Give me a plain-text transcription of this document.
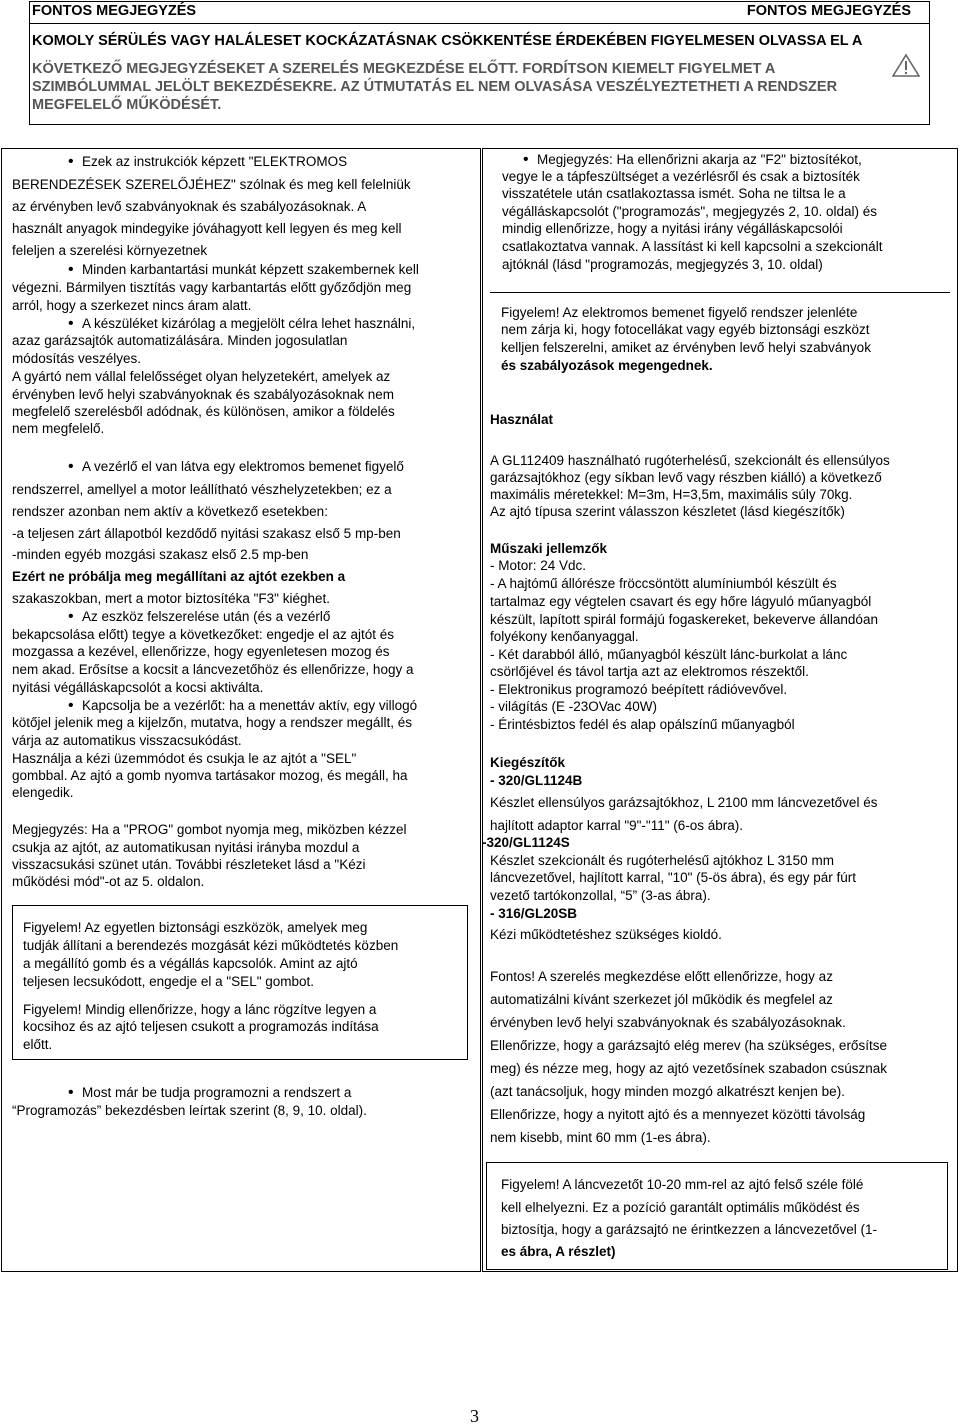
FONTOS MEGJEGYZÉS	FONTOS MEGJEGYZÉS
KOMOLY SÉRÜLÉS VAGY HALÁLESET KOCKÁZATÁSNAK CSÖKKENTÉSE ÉRDEKÉBEN FIGYELMESEN OLVASSA EL A
KÖVETKEZŐ MEGJEGYZÉSEKET A SZERELÉS MEGKEZDÉSE ELŐTT. FORDÍTSON KIEMELT FIGYELMET A
SZIMBÓLUMMAL JELÖLT BEKEZDÉSEKRE. AZ ÚTMUTATÁS EL NEM OLVASÁSA VESZÉLYEZTETHETI A RENDSZER
MEGFELELŐ MŰKÖDÉSÉT.
• Ezek az instrukciók képzett "ELEKTROMOS
BERENDEZÉSEK SZERELŐJÉHEZ" szólnak és meg kell felelniük
az érvényben levő szabványoknak és szabályozásoknak. A
használt anyagok mindegyike jóváhagyott kell legyen és meg kell
feleljen a szerelési környezetnek
• Minden karbantartási munkát képzett szakembernek kell
végezni. Bármilyen tisztítás vagy karbantartás előtt győződjön meg
arról, hogy a szerkezet nincs áram alatt.
• A készüléket kizárólag a megjelölt célra lehet használni,
azaz garázsajtók automatizálására. Minden jogosulatlan
módosítás veszélyes.
A gyártó nem vállal felelősséget olyan helyzetekért, amelyek az
érvényben levő helyi szabványoknak és szabályozásoknak nem
megfelelő szerelésből adódnak, és különösen, amikor a földelés
nem megfelelő.
• A vezérlő el van látva egy elektromos bemenet figyelő
rendszerrel, amellyel a motor leállítható vészhelyzetekben; ez a
rendszer azonban nem aktív a következő esetekben:
-a teljesen zárt állapotból kezdődő nyitási szakasz első 5 mp-ben
-minden egyéb mozgási szakasz első 2.5 mp-ben
Ezért ne próbálja meg megállítani az ajtót ezekben a
szakaszokban, mert a motor biztosítéka "F3" kiéghet.
• Az eszköz felszerelése után (és a vezérlő
bekapcsolása előtt) tegye a következőket: engedje el az ajtót és
mozgassa a kezével, ellenőrizze, hogy egyenletesen mozog és
nem akad. Erősítse a kocsit a láncvezetőhöz és ellenőrizze, hogy a
nyitási végálláskapcsolót a kocsi aktiválta.
• Kapcsolja be a vezérlőt: ha a menettáv aktív, egy villogó
kötőjel jelenik meg a kijelzőn, mutatva, hogy a rendszer megállt, és
várja az automatikus visszacsukódást.
Használja a kézi üzemmódot és csukja le az ajtót a "SEL"
gombbal. Az ajtó a gomb nyomva tartásakor mozog, és megáll, ha
elengedik.
Megjegyzés: Ha a "PROG" gombot nyomja meg, miközben kézzel
csukja az ajtót, az automatikusan nyitási irányba mozdul a
visszacsukási szünet után. További részleteket lásd a "Kézi
működési mód"-ot az 5. oldalon.
Figyelem! Az egyetlen biztonsági eszközök, amelyek meg
tudják állítani a berendezés mozgását kézi működtetés közben
a megállító gomb és a végállás kapcsolók. Amint az ajtó
teljesen lecsukódott, engedje el a "SEL" gombot.
Figyelem! Mindig ellenőrizze, hogy a lánc rögzítve legyen a
kocsihoz és az ajtó teljesen csukott a programozás indítása
előtt.
• Most már be tudja programozni a rendszert a
“Programozás” bekezdésben leírtak szerint (8, 9, 10. oldal).
• Megjegyzés: Ha ellenőrizni akarja az "F2" biztosítékot,
vegye le a tápfeszültséget a vezérlésről és csak a biztosíték
visszatétele után csatlakoztassa ismét. Soha ne tiltsa le a
végálláskapcsolót ("programozás", megjegyzés 2, 10. oldal) és
mindig ellenőrizze, hogy a nyitási irány végálláskapcsolói
csatlakoztatva vannak. A lassítást ki kell kapcsolni a szekcionált
ajtóknál (lásd "programozás, megjegyzés 3, 10. oldal)
Figyelem! Az elektromos bemenet figyelő rendszer jelenléte
nem zárja ki, hogy fotocellákat vagy egyéb biztonsági eszközt
kelljen felszerelni, amiket az érvényben levő helyi szabványok
és szabályozások megengednek.
Használat
A GL112409 használható rugóterhelésű, szekcionált és ellensúlyos
garázsajtókhoz (egy síkban levő vagy részben kiálló) a következő
maximális méretekkel: M=3m, H=3,5m, maximális súly 70kg.
Az ajtó típusa szerint válasszon készletet (lásd kiegészítők)
Műszaki jellemzők
- Motor: 24 Vdc.
- A hajtómű állórésze fröccsöntött alumíniumból készült és
tartalmaz egy végtelen csavart és egy hőre lágyuló műanyagból
készült, lapított spirál formájú fogaskereket, bekeverve állandóan
folyékony kenőanyaggal.
- Két darabból álló, műanyagból készült lánc-burkolat a lánc
csörlőjével és távol tartja azt az elektromos részektől.
- Elektronikus programozó beépített rádióvevővel.
- világítás (E -23OVac 40W)
- Érintésbiztos fedél és alap opálszínű műanyagból
Kiegészítők
- 320/GL1124B
Készlet ellensúlyos garázsajtókhoz, L 2100 mm láncvezetővel és
hajlított adaptor karral "9"-"11" (6-os ábra).
-320/GL1124S
Készlet szekcionált és rugóterhelésű ajtókhoz L 3150 mm
láncvezetővel, hajlított karral, "10" (5-ös ábra), és egy pár fúrt
vezető tartókonzollal, “5” (3-as ábra).
- 316/GL20SB
Kézi működtetéshez szükséges kioldó.
Fontos! A szerelés megkezdése előtt ellenőrizze, hogy az
automatizálni kívánt szerkezet jól működik és megfelel az
érvényben levő helyi szabványoknak és szabályozásoknak.
Ellenőrizze, hogy a garázsajtó elég merev (ha szükséges, erősítse
meg) és nézze meg, hogy az ajtó vezetősínek szabadon csúsznak
(azt tanácsoljuk, hogy minden mozgó alkatrészt kenjen be).
Ellenőrizze, hogy a nyitott ajtó és a mennyezet közötti távolság
nem kisebb, mint 60 mm (1-es ábra).
Figyelem! A láncvezetőt 10-20 mm-rel az ajtó felső széle fölé
kell elhelyezni. Ez a pozíció garantált optimális működést és
biztosítja, hogy a garázsajtó ne érintkezzen a láncvezetővel (1-
es ábra, A részlet)
3
